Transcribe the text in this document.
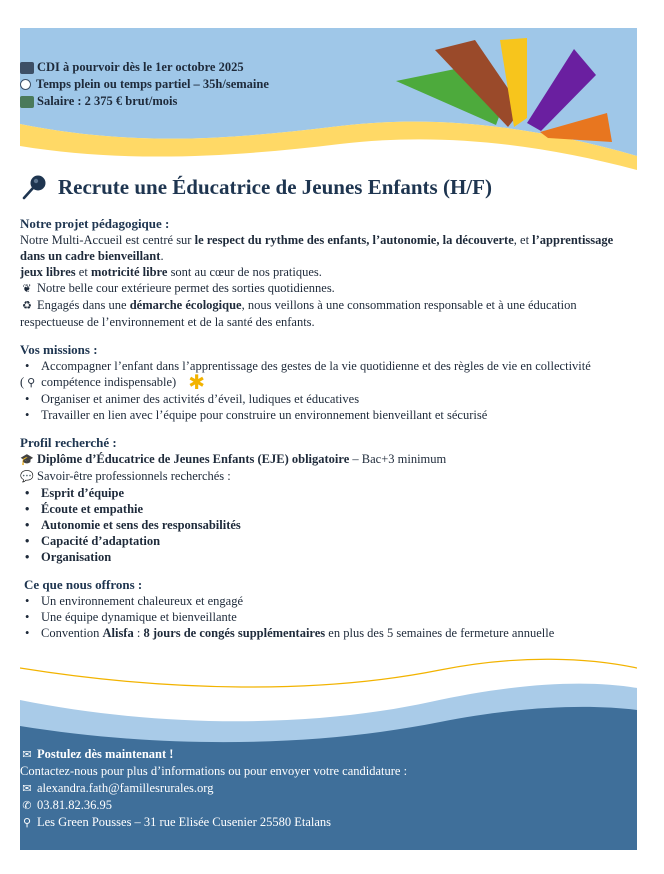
CDI à pourvoir dès le 1er octobre 2025
Temps plein ou temps partiel – 35h/semaine
Salaire : 2 375 € brut/mois
Recrute une Éducatrice de Jeunes Enfants (H/F)
Notre projet pédagogique :
Notre Multi-Accueil est centré sur le respect du rythme des enfants, l’autonomie, la découverte, et l’apprentissage dans un cadre bienveillant.
jeux libres et motricité libre sont au cœur de nos pratiques.
❦ Notre belle cour extérieure permet des sorties quotidiennes.
♻ Engagés dans une démarche écologique, nous veillons à une consommation responsable et à une éducation respectueuse de l’environnement et de la santé des enfants.
Vos missions :
• Accompagner l’enfant dans l’apprentissage des gestes de la vie quotidienne et des règles de vie en collectivité
( ⚲ compétence indispensable) ✱
• Organiser et animer des activités d’éveil, ludiques et éducatives
• Travailler en lien avec l’équipe pour construire un environnement bienveillant et sécurisé
Profil recherché :
🎓 Diplôme d’Éducatrice de Jeunes Enfants (EJE) obligatoire – Bac+3 minimum
💬 Savoir-être professionnels recherchés :
• Esprit d’équipe
• Écoute et empathie
• Autonomie et sens des responsabilités
• Capacité d’adaptation
• Organisation
Ce que nous offrons :
• Un environnement chaleureux et engagé
• Une équipe dynamique et bienveillante
• Convention Alisfa : 8 jours de congés supplémentaires en plus des 5 semaines de fermeture annuelle
✉ Postulez dès maintenant !
Contactez-nous pour plus d’informations ou pour envoyer votre candidature :
✉ alexandra.fath@famillesrurales.org
✆ 03.81.82.36.95
⚲ Les Green Pousses – 31 rue Elisée Cusenier 25580 Etalans
